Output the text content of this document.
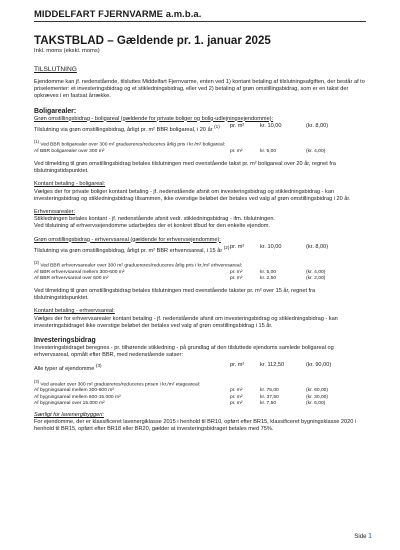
MIDDELFART FJERNVARME a.m.b.a.
TAKSTBLAD – Gældende pr. 1. januar 2025
Inkl. moms (ekskl. moms)
TILSLUTNING
Ejendomme kan jf. nedenstående, tilsluttes Middelfart Fjernvarme, enten ved 1) kontant betaling af tilslutningsafgiften, der består af to priselementer: et investeringsbidrag og et stikledningsbidrag, eller ved 2) betaling af grøn omstillingsbidrag, som er en takst der opkræves i en fastsat årrække.
Boligarealer:
Grøn omstillingsbidrag - boligareal (gældende for private boliger og bolig-udlejningsejendomme):
Tilslutning via grøn omstillingsbidrag, årligt pr. m² BBR boligareal, i 20 år $^{(1)}$	pr. m²	kr. 10,00	(kr. 8,00)
$^{(1)}$ Ved BBR boligarealer over 300 m² graduereres/reduceres årlig pris i kr./m² boligareal:
Af BBR boligarealer over 300 m²	pr. m²	kr. 5,00	(kr. 4,00)
Ved tilmelding til grøn omstillingsbidrag betales tilslutningen med ovenstående takst pr. m² boligareal over 20 år, regnet fra tilslutningstidspunktet.
Kontant betaling - boligareal:
Vælges der for private boliger kontant betaling - jf. nedenstående afsnit om investeringsbidrag og stikledningsbidrag - kan investeringsbidrag og stikledningsbidrag tilsammen, ikke overstige beløbet der betales ved valg af grøn omstillingsbidrag i 20 år.
Erhvervsarealer:
Stikledningen betales kontant - jf. nedenstående afsnit vedr. stikledningsbidrag - ifm. tilslutningen.
Ved tilslutning af erhvervsejendomme udarbejdes der et konkret tilbud for den enkelte ejendom.
Grøn omstillingsbidrag - erhvervsareal (gældende for erhvervsejendomme):
Tilslutning via grøn omstillingsbidrag, årligt pr. m² BBR erhvervsareal, i 15 år $^{(2)}$ pr. m²	kr. 10,00	(kr. 8,00)
$^{(2)}$ Ved BBR erhvervsarealer over 300 m² graduereres/reduceres årlig pris i kr./m² erhvervsareal:
Af BBR erhvervsareal mellem 300-600 m²	pr. m²	kr. 5,00	(kr. 4,00)
Af BBR erhvervsareal over 600 m²	pr. m²	kr. 2,50	(kr. 2,00)
Ved tilmelding til grøn omstillingsbidrag betales tilslutningen med ovenstående takster pr. m² over 15 år, regnet fra tilslutningstidspunktet.
Kontant betaling - erhvervsareal:
Vælges der for erhvervsarealer kontant betaling - jf. nedenstående afsnit om investeringsbidrag og stikledningsbidrag - kan investeringsbidraget ikke overstige beløbet der betales ved valg af grøn omstillingsbidrag i 15 år.
Investeringsbidrag
Investeringsbidraget beregnes - pr. tilhørende stikledning - på grundlag af den tilsluttede ejendoms samlede boligareal og erhvervsareal, opmålt efter BBR, med nedenstående satser:
Alle typer af ejendomme $^{(3)}$	pr. m²	kr. 112,50	(kr. 90,00)
$^{(3)}$ Ved arealer over 300 m² graduereres/reduceres prisen i kr./m² etageareal:
Af bygningsareal mellem 300-600 m²	pr. m²	kr. 75,00	(kr. 60,00)
Af bygningsareal mellem 600-15.000 m²	pr. m²	kr. 37,50	(kr. 30,00)
Af bygningsareal over 15.000 m²	pr. m²	kr. 7,50	(kr. 6,00)
Særligt for lavenergibyggeri:
For ejendomme, der er klassificeret lavenergiklasse 2015 i henhold til BR10, opført efter BR15, klassificeret bygningsklasse 2020 i henhold til BR15, opført efter BR18 eller BR20, gælder at investeringsbidraget betales med 75%.
Side 1
